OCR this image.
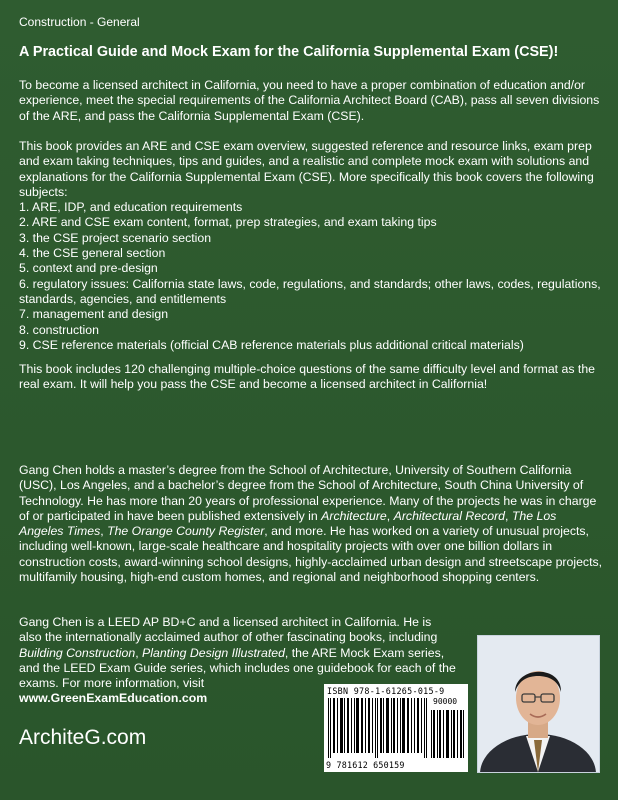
Construction - General
A Practical Guide and Mock Exam for the California Supplemental Exam (CSE)!
To become a licensed architect in California, you need to have a proper combination of education and/or experience, meet the special requirements of the California Architect Board (CAB), pass all seven divisions of the ARE, and pass the California Supplemental Exam (CSE).
This book provides an ARE and CSE exam overview, suggested reference and resource links, exam prep and exam taking techniques, tips and guides, and a realistic and complete mock exam with solutions and explanations for the California Supplemental Exam (CSE). More specifically this book covers the following subjects:
1. ARE, IDP, and education requirements
2. ARE and CSE exam content, format, prep strategies, and exam taking tips
3. the CSE project scenario section
4. the CSE general section
5. context and pre-design
6. regulatory issues: California state laws, code, regulations, and standards; other laws, codes, regulations, standards, agencies, and entitlements
7. management and design
8. construction
9. CSE reference materials (official CAB reference materials plus additional critical materials)
This book includes 120 challenging multiple-choice questions of the same difficulty level and format as the real exam. It will help you pass the CSE and become a licensed architect in California!
Gang Chen holds a master’s degree from the School of Architecture, University of Southern California (USC), Los Angeles, and a bachelor’s degree from the School of Architecture, South China University of Technology. He has more than 20 years of professional experience. Many of the projects he was in charge of or participated in have been published extensively in Architecture, Architectural Record, The Los Angeles Times, The Orange County Register, and more. He has worked on a variety of unusual projects, including well-known, large-scale healthcare and hospitality projects with over one billion dollars in construction costs, award-winning school designs, highly-acclaimed urban design and streetscape projects, multifamily housing, high-end custom homes, and regional and neighborhood shopping centers.
Gang Chen is a LEED AP BD+C and a licensed architect in California. He is also the internationally acclaimed author of other fascinating books, including Building Construction, Planting Design Illustrated, the ARE Mock Exam series, and the LEED Exam Guide series, which includes one guidebook for each of the exams. For more information, visit
www.GreenExamEducation.com
ArchiteG.com
ISBN 978-1-61265-015-9
90000
9 781612 650159
